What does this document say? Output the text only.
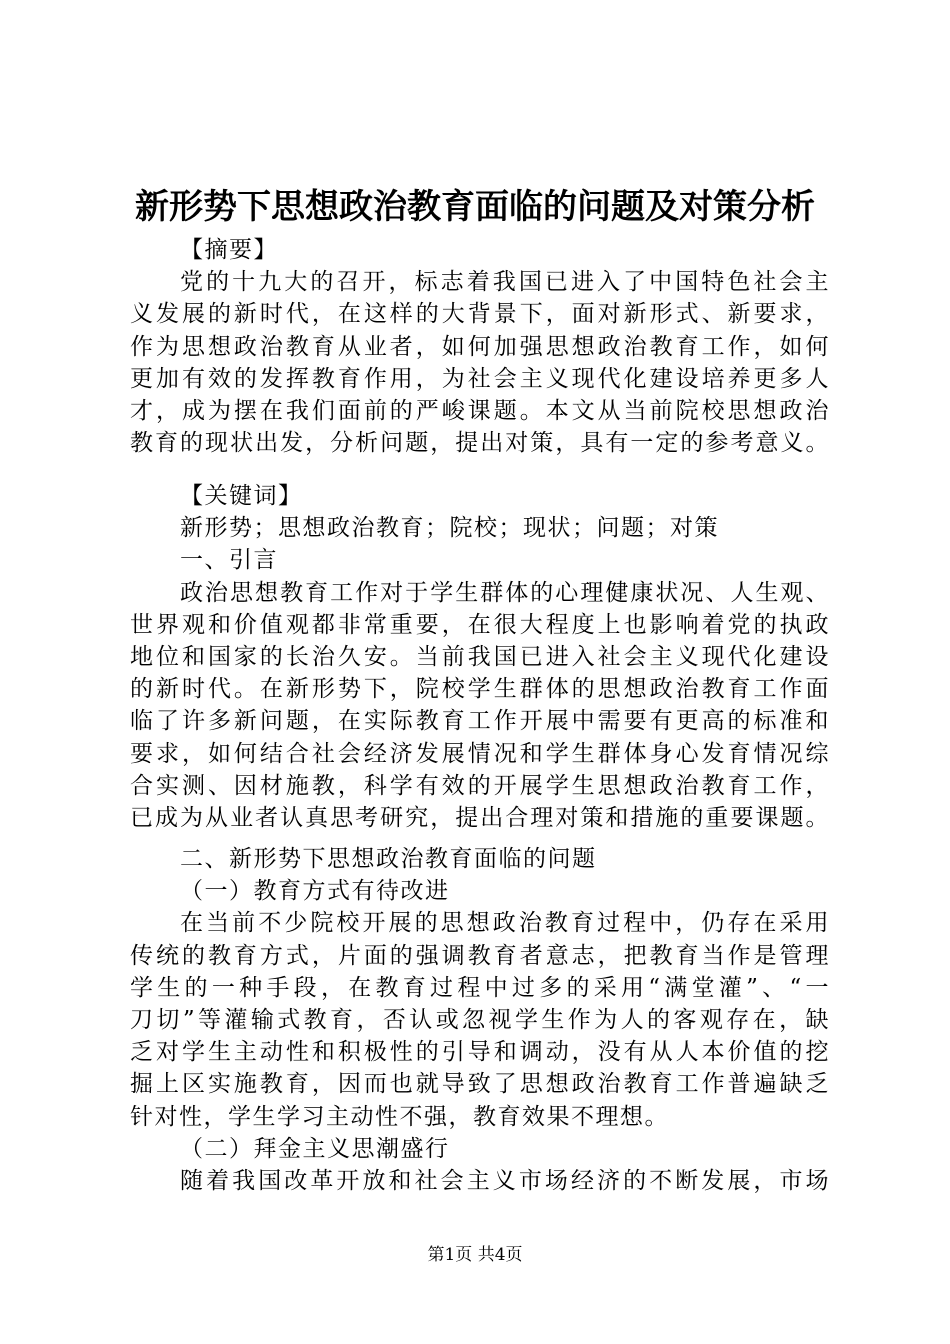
新形势下思想政治教育面临的问题及对策分析
【摘要】
党的十九大的召开，标志着我国已进入了中国特色社会主
义发展的新时代，在这样的大背景下，面对新形式、新要求，
作为思想政治教育从业者，如何加强思想政治教育工作，如何
更加有效的发挥教育作用，为社会主义现代化建设培养更多人
才，成为摆在我们面前的严峻课题。本文从当前院校思想政治
教育的现状出发，分析问题，提出对策，具有一定的参考意义。
【关键词】
新形势；思想政治教育；院校；现状；问题；对策
一、引言
政治思想教育工作对于学生群体的心理健康状况、人生观、
世界观和价值观都非常重要，在很大程度上也影响着党的执政
地位和国家的长治久安。当前我国已进入社会主义现代化建设
的新时代。在新形势下，院校学生群体的思想政治教育工作面
临了许多新问题，在实际教育工作开展中需要有更高的标准和
要求，如何结合社会经济发展情况和学生群体身心发育情况综
合实测、因材施教，科学有效的开展学生思想政治教育工作，
已成为从业者认真思考研究，提出合理对策和措施的重要课题。
二、新形势下思想政治教育面临的问题
（一）教育方式有待改进
在当前不少院校开展的思想政治教育过程中，仍存在采用
传统的教育方式，片面的强调教育者意志，把教育当作是管理
学生的一种手段，在教育过程中过多的采用“满堂灌”、“一
刀切”等灌输式教育，否认或忽视学生作为人的客观存在，缺
乏对学生主动性和积极性的引导和调动，没有从人本价值的挖
掘上区实施教育，因而也就导致了思想政治教育工作普遍缺乏
针对性，学生学习主动性不强，教育效果不理想。
（二）拜金主义思潮盛行
随着我国改革开放和社会主义市场经济的不断发展，市场
第1页 共4页
